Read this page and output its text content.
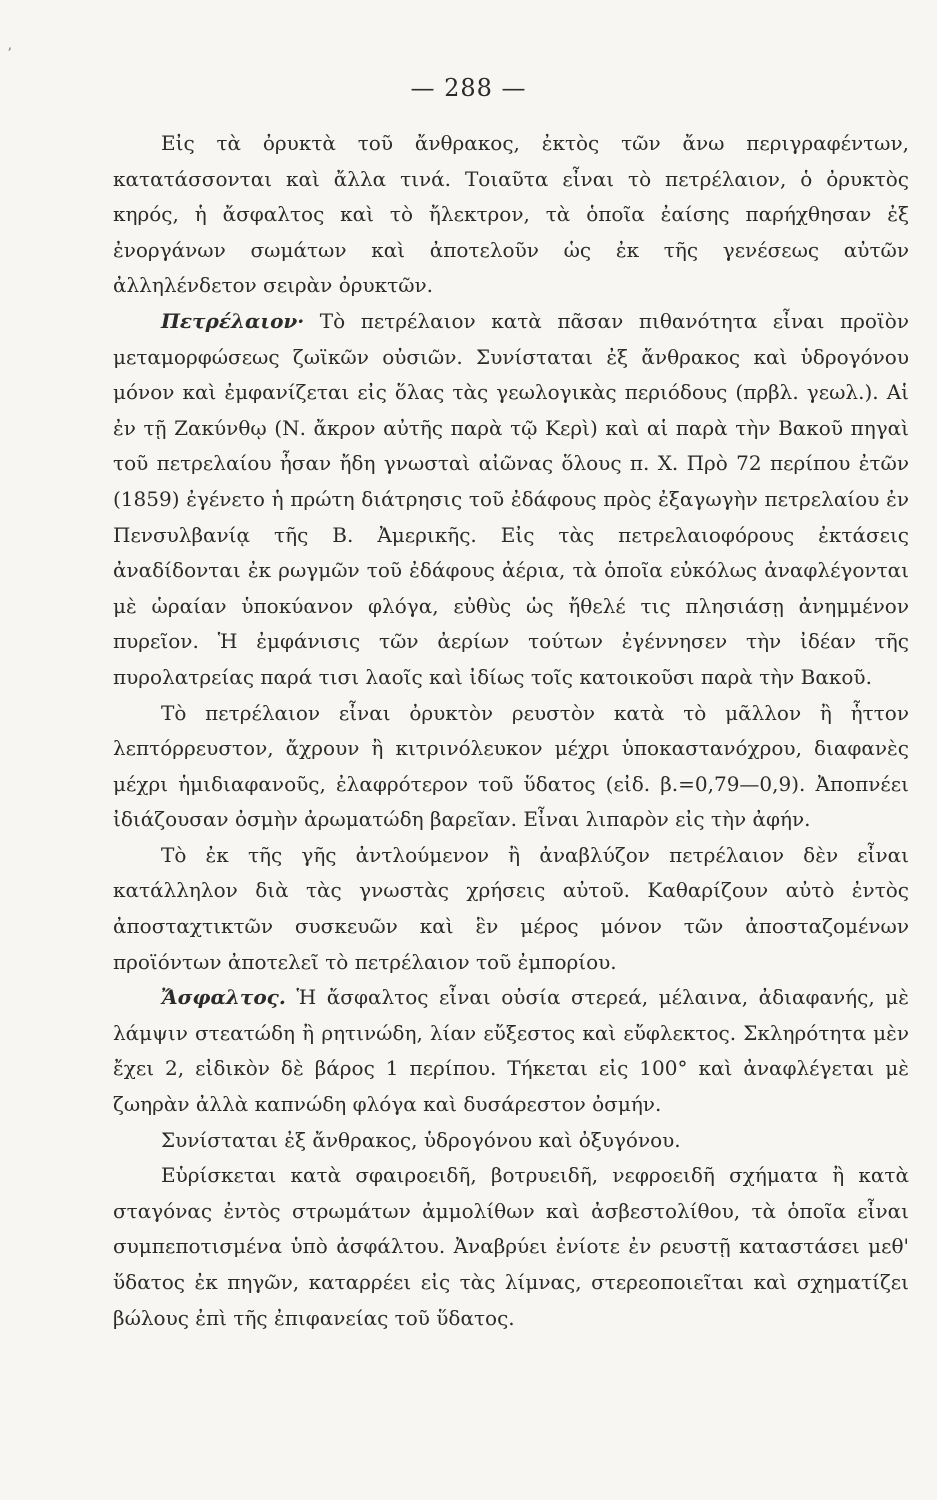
ʼ
— 288 —

Εἰς τὰ ὀρυκτὰ τοῦ ἄνθρακος, ἐκτὸς τῶν ἄνω περιγραφέντων, κατατάσσονται καὶ ἄλλα τινά. Τοιαῦτα εἶναι τὸ πετρέλαιον, ὁ ὀρυκτὸς κηρός, ἡ ἄσφαλτος καὶ τὸ ἤλεκτρον, τὰ ὁποῖα ἐαίσης παρήχθησαν ἐξ ἐνοργάνων σωμάτων καὶ ἀποτελοῦν ὡς ἐκ τῆς γενέσεως αὐτῶν ἀλληλένδετον σειρὰν ὀρυκτῶν.

Πετρέλαιον· Τὸ πετρέλαιον κατὰ πᾶσαν πιθανότητα εἶναι προϊὸν μεταμορφώσεως ζωϊκῶν οὐσιῶν. Συνίσταται ἐξ ἄνθρακος καὶ ὑδρογόνου μόνον καὶ ἐμφανίζεται εἰς ὅλας τὰς γεωλογικὰς περιόδους (πρβλ. γεωλ.). Αἱ ἐν τῇ Ζακύνθῳ (Ν. ἄκρον αὐτῆς παρὰ τῷ Κερὶ) καὶ αἱ παρὰ τὴν Βακοῦ πηγαὶ τοῦ πετρελαίου ἦσαν ἤδη γνωσταὶ αἰῶνας ὅλους π. Χ. Πρὸ 72 περίπου ἐτῶν (1859) ἐγένετο ἡ πρώτη διάτρησις τοῦ ἐδάφους πρὸς ἐξαγωγὴν πετρελαίου ἐν Πενσυλβανίᾳ τῆς Β. Ἀμερικῆς. Εἰς τὰς πετρελαιοφόρους ἐκτάσεις ἀναδίδονται ἐκ ρωγμῶν τοῦ ἐδάφους ἀέρια, τὰ ὁποῖα εὐκόλως ἀναφλέγονται μὲ ὡραίαν ὑποκύανον φλόγα, εὐθὺς ὡς ἤθελέ τις πλησιάσῃ ἀνημμένον πυρεῖον. Ἡ ἐμφάνισις τῶν ἀερίων τούτων ἐγέννησεν τὴν ἰδέαν τῆς πυρολατρείας παρά τισι λαοῖς καὶ ἰδίως τοῖς κατοικοῦσι παρὰ τὴν Βακοῦ.

Τὸ πετρέλαιον εἶναι ὀρυκτὸν ρευστὸν κατὰ τὸ μᾶλλον ἢ ἧττον λεπτόρρευστον, ἄχρουν ἢ κιτρινόλευκον μέχρι ὑποκαστανόχρου, διαφανὲς μέχρι ἡμιδιαφανοῦς, ἐλαφρότερον τοῦ ὕδατος (εἰδ. β.=0,79—0,9). Ἀποπνέει ἰδιάζουσαν ὀσμὴν ἀρωματώδη βαρεῖαν. Εἶναι λιπαρὸν εἰς τὴν ἀφήν.

Τὸ ἐκ τῆς γῆς ἀντλούμενον ἢ ἀναβλύζον πετρέλαιον δὲν εἶναι κατάλληλον διὰ τὰς γνωστὰς χρήσεις αὐτοῦ. Καθαρίζουν αὐτὸ ἐντὸς ἀποσταχτικτῶν συσκευῶν καὶ ἓν μέρος μόνον τῶν ἀποσταζομένων προϊόντων ἀποτελεῖ τὸ πετρέλαιον τοῦ ἐμπορίου.

Ἄσφαλτος. Ἡ ἄσφαλτος εἶναι οὐσία στερεά, μέλαινα, ἀδιαφανής, μὲ λάμψιν στεατώδη ἢ ρητινώδη, λίαν εὔξεστος καὶ εὔφλεκτος. Σκληρότητα μὲν ἔχει 2, εἰδικὸν δὲ βάρος 1 περίπου. Τήκεται εἰς 100° καὶ ἀναφλέγεται μὲ ζωηρὰν ἀλλὰ καπνώδη φλόγα καὶ δυσάρεστον ὀσμήν.

Συνίσταται ἐξ ἄνθρακος, ὑδρογόνου καὶ ὀξυγόνου.

Εὑρίσκεται κατὰ σφαιροειδῆ, βοτρυειδῆ, νεφροειδῆ σχήματα ἢ κατὰ σταγόνας ἐντὸς στρωμάτων ἀμμολίθων καὶ ἀσβεστολίθου, τὰ ὁποῖα εἶναι συμπεποτισμένα ὑπὸ ἀσφάλτου. Ἀναβρύει ἐνίοτε ἐν ρευστῇ καταστάσει μεθ' ὕδατος ἐκ πηγῶν, καταρρέει εἰς τὰς λίμνας, στερεοποιεῖται καὶ σχηματίζει βώλους ἐπὶ τῆς ἐπιφανείας τοῦ ὕδατος.
